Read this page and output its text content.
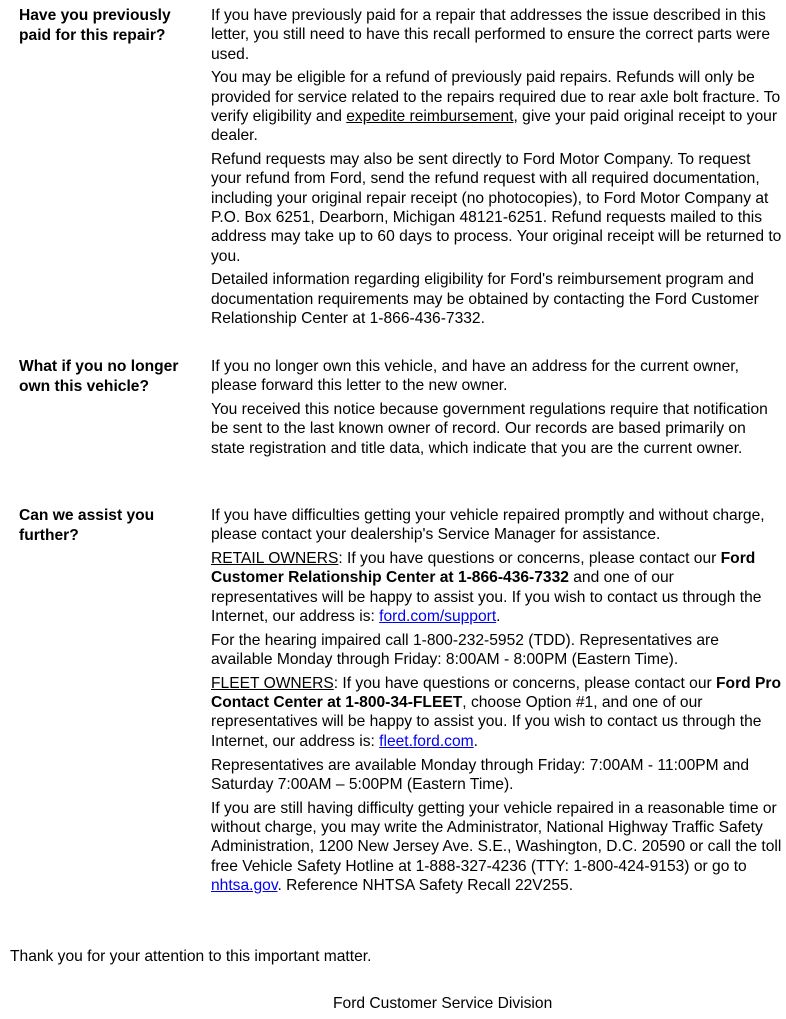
Have you previously paid for this repair?

If you have previously paid for a repair that addresses the issue described in this letter, you still need to have this recall performed to ensure the correct parts were used.

You may be eligible for a refund of previously paid repairs. Refunds will only be provided for service related to the repairs required due to rear axle bolt fracture. To verify eligibility and expedite reimbursement, give your paid original receipt to your dealer.

Refund requests may also be sent directly to Ford Motor Company. To request your refund from Ford, send the refund request with all required documentation, including your original repair receipt (no photocopies), to Ford Motor Company at P.O. Box 6251, Dearborn, Michigan 48121-6251. Refund requests mailed to this address may take up to 60 days to process. Your original receipt will be returned to you.

Detailed information regarding eligibility for Ford's reimbursement program and documentation requirements may be obtained by contacting the Ford Customer Relationship Center at 1-866-436-7332.

What if you no longer own this vehicle?

If you no longer own this vehicle, and have an address for the current owner, please forward this letter to the new owner.

You received this notice because government regulations require that notification be sent to the last known owner of record. Our records are based primarily on state registration and title data, which indicate that you are the current owner.

Can we assist you further?

If you have difficulties getting your vehicle repaired promptly and without charge, please contact your dealership's Service Manager for assistance.

RETAIL OWNERS: If you have questions or concerns, please contact our Ford Customer Relationship Center at 1-866-436-7332 and one of our representatives will be happy to assist you. If you wish to contact us through the Internet, our address is: ford.com/support.

For the hearing impaired call 1-800-232-5952 (TDD). Representatives are available Monday through Friday: 8:00AM - 8:00PM (Eastern Time).

FLEET OWNERS: If you have questions or concerns, please contact our Ford Pro Contact Center at 1-800-34-FLEET, choose Option #1, and one of our representatives will be happy to assist you. If you wish to contact us through the Internet, our address is: fleet.ford.com.

Representatives are available Monday through Friday: 7:00AM - 11:00PM and Saturday 7:00AM – 5:00PM (Eastern Time).

If you are still having difficulty getting your vehicle repaired in a reasonable time or without charge, you may write the Administrator, National Highway Traffic Safety Administration, 1200 New Jersey Ave. S.E., Washington, D.C. 20590 or call the toll free Vehicle Safety Hotline at 1-888-327-4236 (TTY: 1-800-424-9153) or go to nhtsa.gov. Reference NHTSA Safety Recall 22V255.

Thank you for your attention to this important matter.
Ford Customer Service Division
